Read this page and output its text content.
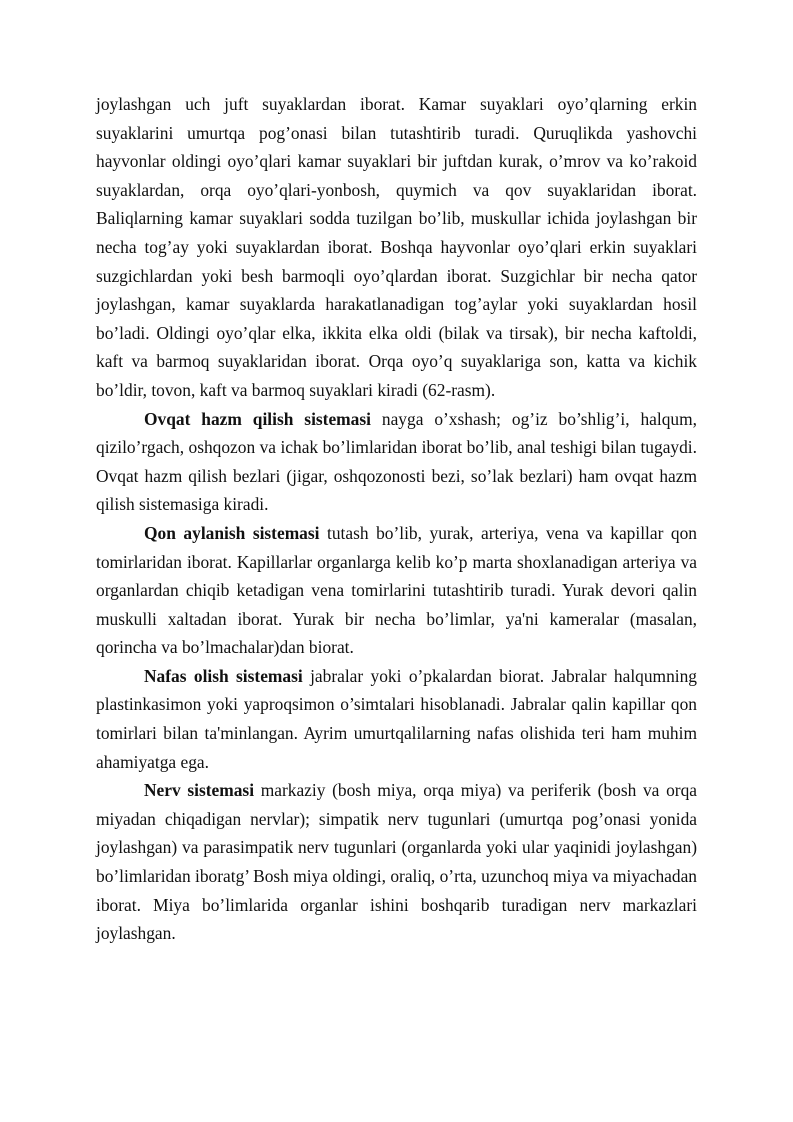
joylashgan uch juft suyaklardan iborat. Kamar suyaklari oyo’qlarning erkin suyaklarini umurtqa pog’onasi bilan tutashtirib turadi. Quruqlikda yashovchi hayvonlar oldingi oyo’qlari kamar suyaklari bir juftdan kurak, o’mrov va ko’rakoid suyaklardan, orqa oyo’qlari-yonbosh, quymich va qov suyaklaridan iborat. Baliqlarning kamar suyaklari sodda tuzilgan bo’lib, muskullar ichida joylashgan bir necha tog’ay yoki suyaklardan iborat. Boshqa hayvonlar oyo’qlari erkin suyaklari suzgichlardan yoki besh barmoqli oyo’qlardan iborat. Suzgichlar bir necha qator joylashgan, kamar suyaklarda harakatlanadigan tog’aylar yoki suyaklardan hosil bo’ladi. Oldingi oyo’qlar elka, ikkita elka oldi (bilak va tirsak), bir necha kaftoldi, kaft va barmoq suyaklaridan iborat. Orqa oyo’q suyaklariga son, katta va kichik bo’ldir, tovon, kaft va barmoq suyaklari kiradi (62-rasm).

Ovqat hazm qilish sistemasi nayga o’xshash; og’iz bo’shlig’i, halqum, qizilo’rgach, oshqozon va ichak bo’limlaridan iborat bo’lib, anal teshigi bilan tugaydi. Ovqat hazm qilish bezlari (jigar, oshqozonosti bezi, so’lak bezlari) ham ovqat hazm qilish sistemasiga kiradi.

Qon aylanish sistemasi tutash bo’lib, yurak, arteriya, vena va kapillar qon tomirlaridan iborat. Kapillarlar organlarga kelib ko’p marta shoxlanadigan arteriya va organlardan chiqib ketadigan vena tomirlarini tutashtirib turadi. Yurak devori qalin muskulli xaltadan iborat. Yurak bir necha bo’limlar, ya'ni kameralar (masalan, qorincha va bo’lmachalar)dan biorat.

Nafas olish sistemasi jabralar yoki o’pkalardan biorat. Jabralar halqumning plastinkasimon yoki yaproqsimon o’simtalari hisoblanadi. Jabralar qalin kapillar qon tomirlari bilan ta'minlangan. Ayrim umurtqalilarning nafas olishida teri ham muhim ahamiyatga ega.

Nerv sistemasi markaziy (bosh miya, orqa miya) va periferik (bosh va orqa miyadan chiqadigan nervlar); simpatik nerv tugunlari (umurtqa pog’onasi yonida joylashgan) va parasimpatik nerv tugunlari (organlarda yoki ular yaqinidi joylashgan) bo’limlaridan iboratg’ Bosh miya oldingi, oraliq, o’rta, uzunchoq miya va miyachadan iborat. Miya bo’limlarida organlar ishini boshqarib turadigan nerv markazlari joylashgan.
